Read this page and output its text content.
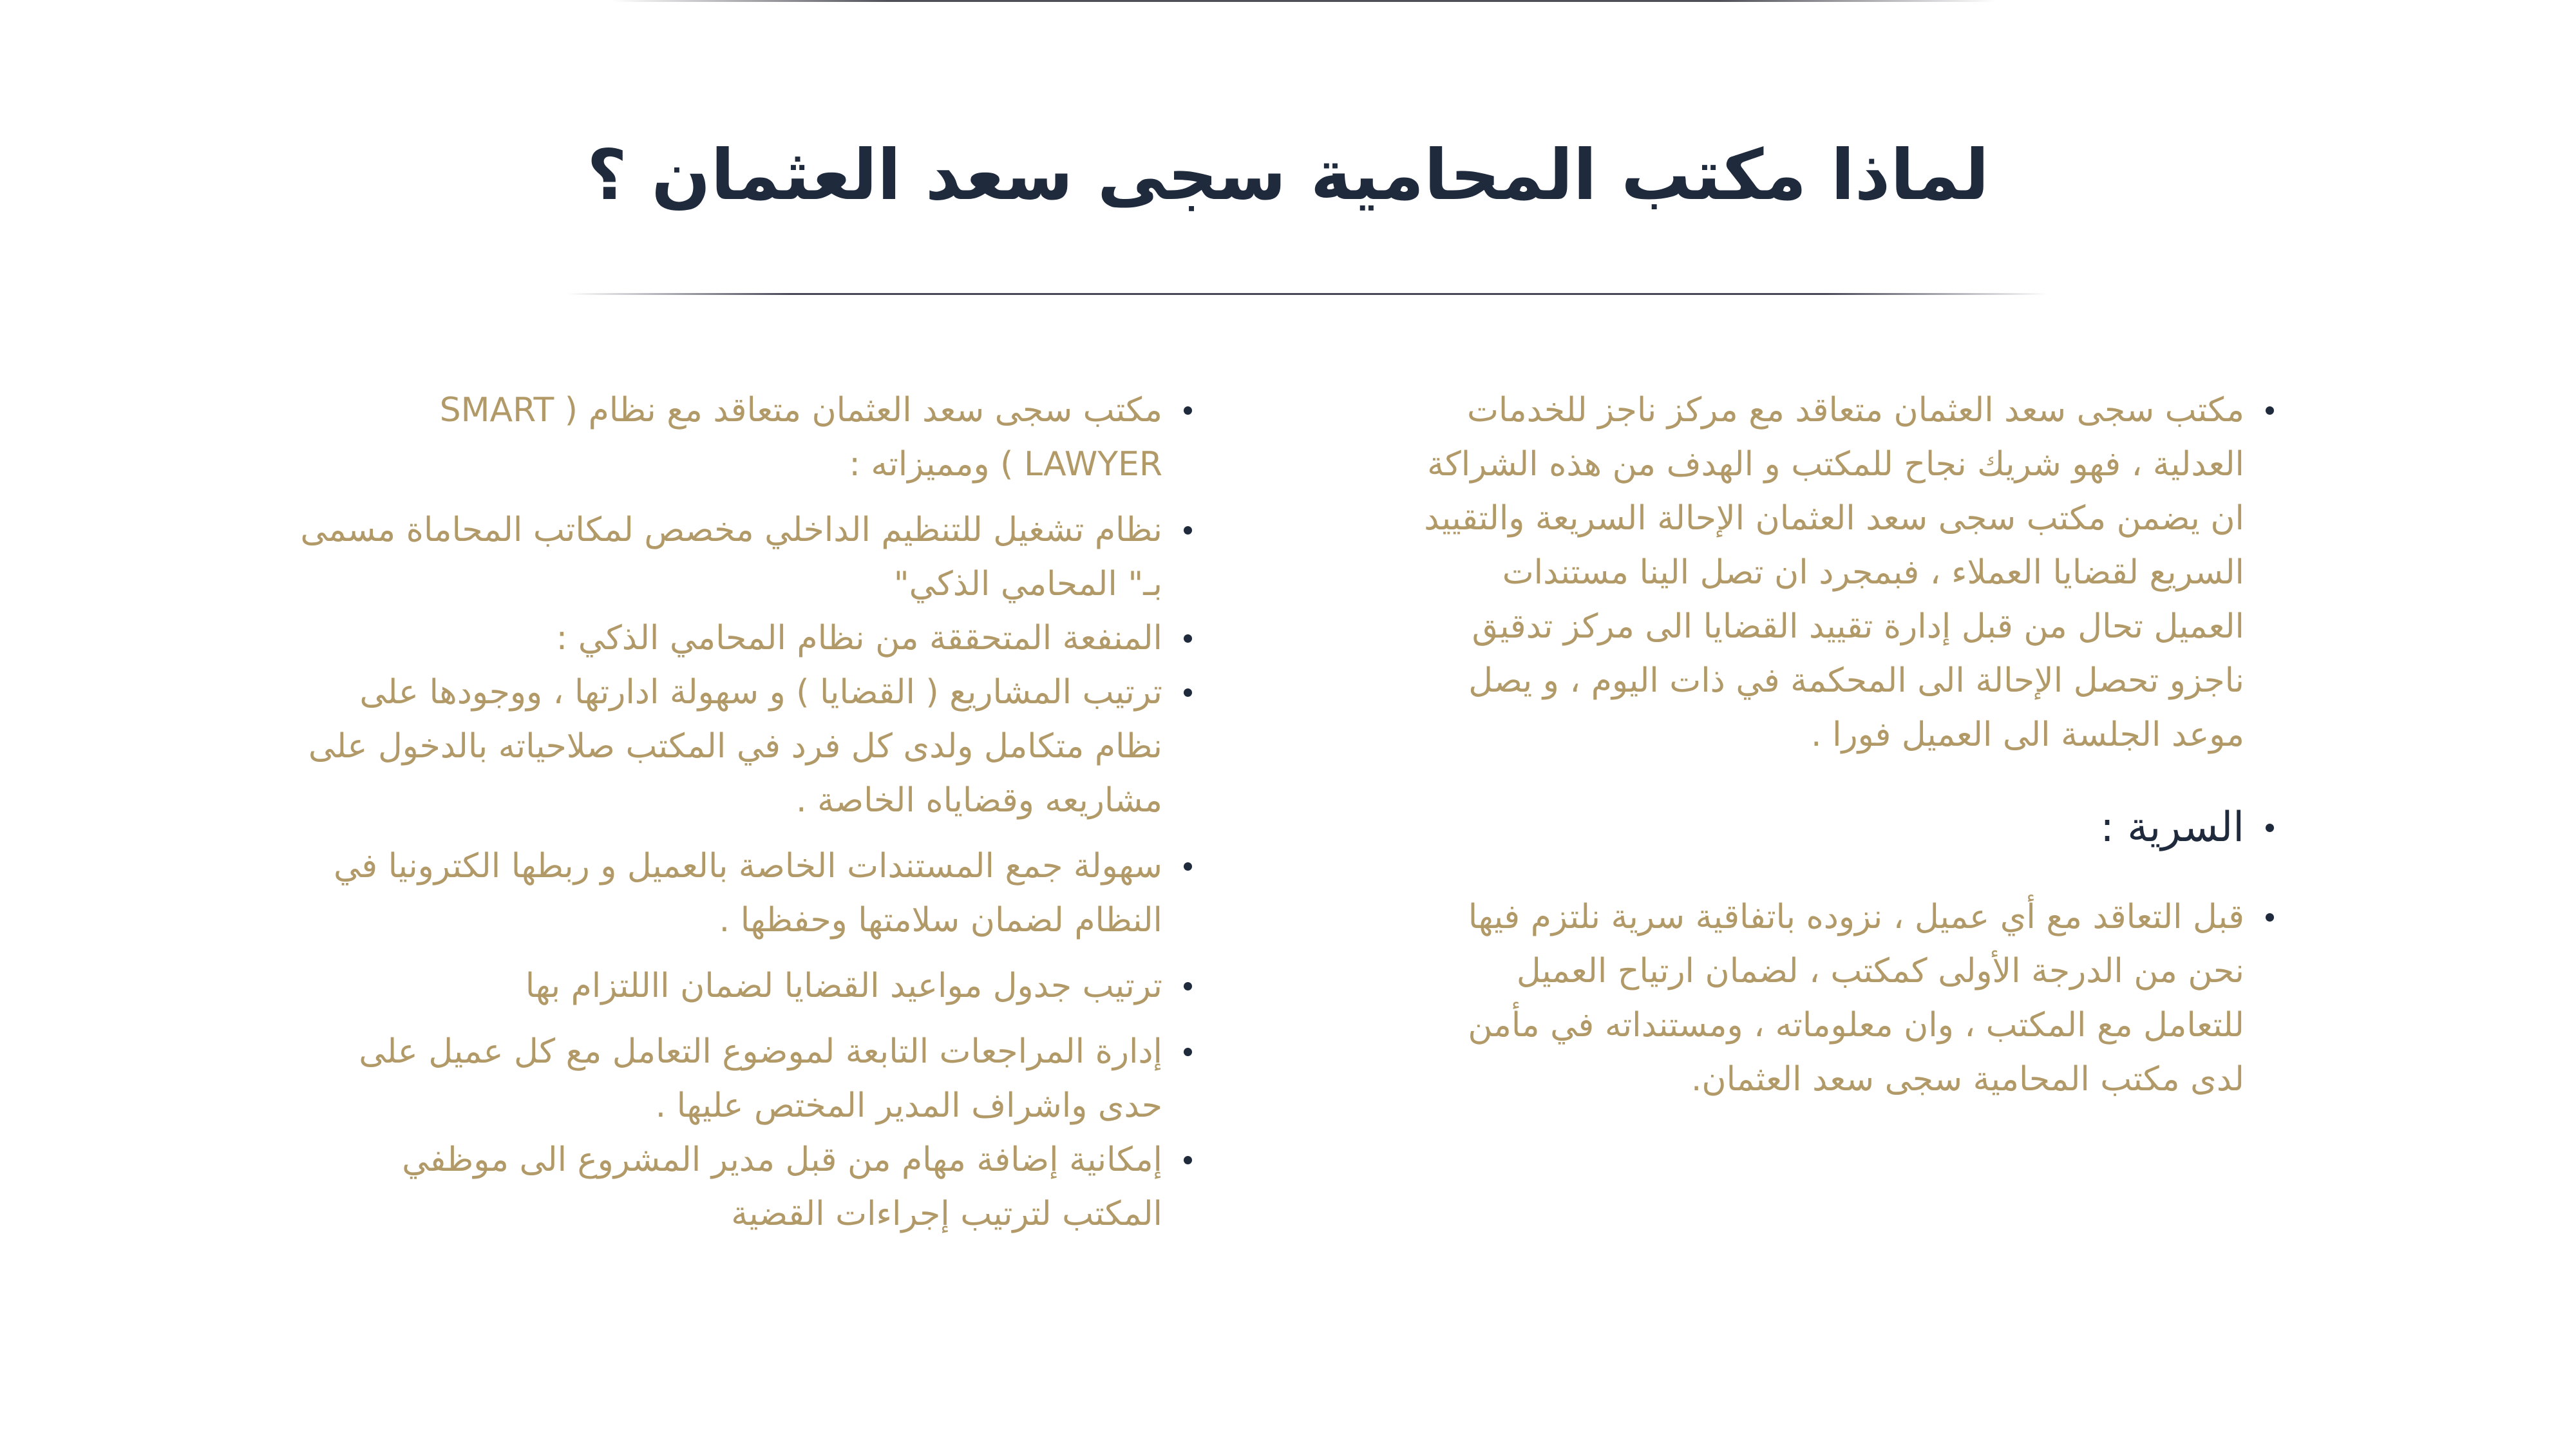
لماذا مكتب المحامية سجى سعد العثمان ؟
مكتب سجى سعد العثمان متعاقد مع مركز ناجز للخدمات العدلية ، فهو شريك نجاح للمكتب و الهدف من هذه الشراكة ان يضمن مكتب سجى سعد العثمان الإحالة السريعة والتقييد السريع لقضايا العملاء ، فبمجرد ان تصل الينا مستندات العميل تحال من قبل إدارة تقييد القضايا الى مركز تدقيق ناجزو تحصل الإحالة الى المحكمة في ذات اليوم ، و يصل موعد الجلسة الى العميل فورا .
السرية :
قبل التعاقد مع أي عميل ، نزوده باتفاقية سرية نلتزم فيها نحن من الدرجة الأولى كمكتب ، لضمان ارتياح العميل للتعامل مع المكتب ، وان معلوماته ، ومستنداته في مأمن لدى مكتب المحامية سجى سعد العثمان.
مكتب سجى سعد العثمان متعاقد مع نظام ( SMART LAWYER ) ومميزاته :
نظام تشغيل للتنظيم الداخلي مخصص لمكاتب المحاماة مسمى بـ" المحامي الذكي"
المنفعة المتحققة من نظام المحامي الذكي :
ترتيب المشاريع ( القضايا ) و سهولة ادارتها ، ووجودها على نظام متكامل ولدى كل فرد في المكتب صلاحياته بالدخول على مشاريعه وقضاياه الخاصة .
سهولة جمع المستندات الخاصة بالعميل و ربطها الكترونيا في النظام لضمان سلامتها وحفظها .
ترتيب جدول مواعيد القضايا لضمان االلتزام بها
إدارة المراجعات التابعة لموضوع التعامل مع كل عميل على حدى واشراف المدير المختص عليها .
إمكانية إضافة مهام من قبل مدير المشروع الى موظفي المكتب لترتيب إجراءات القضية
